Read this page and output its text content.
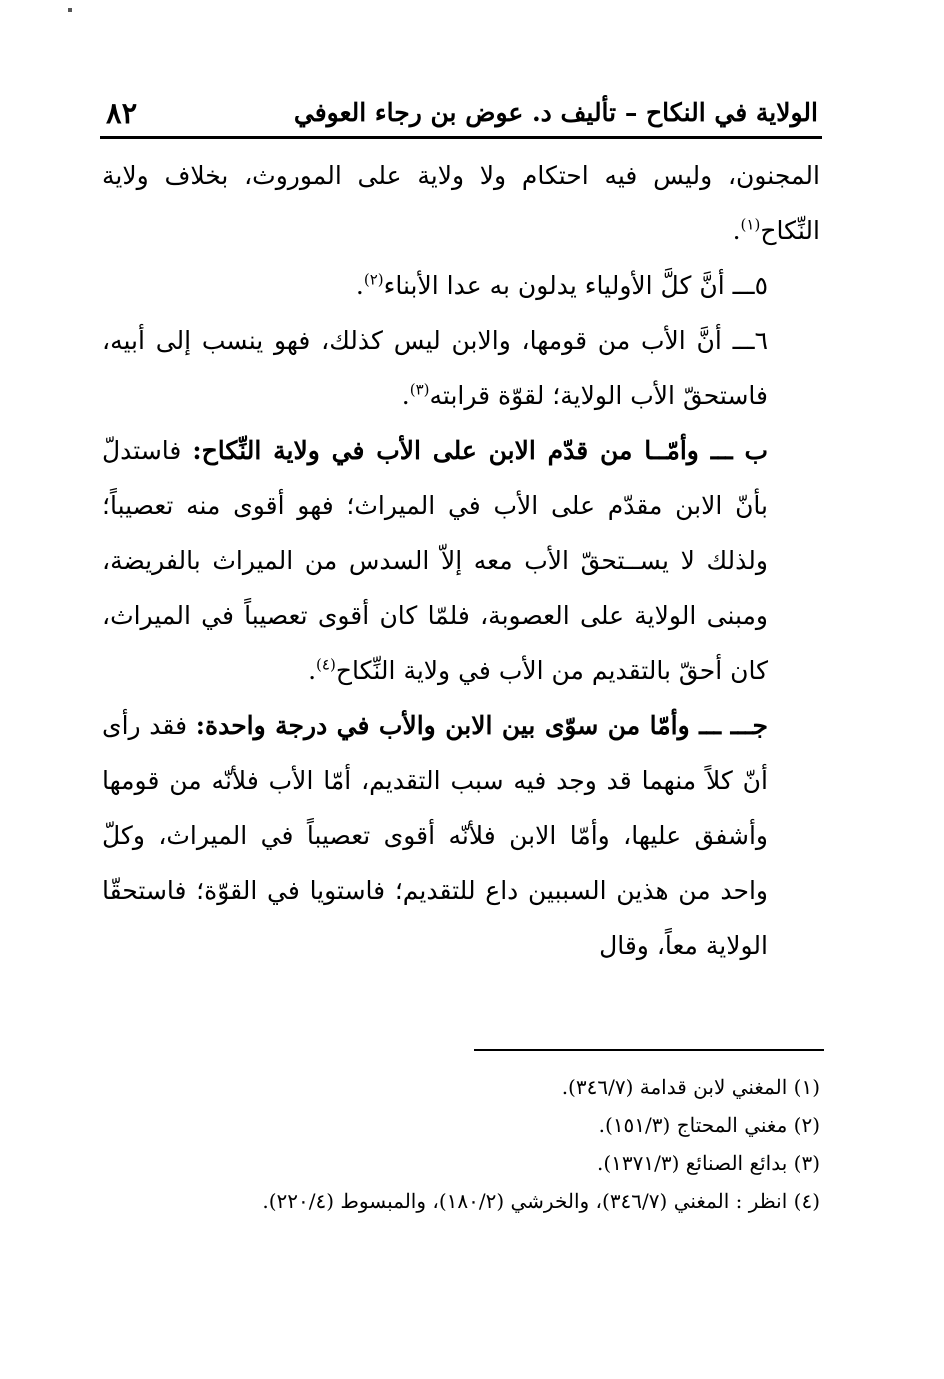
الولاية في النكاح – تأليف د. عوض بن رجاء العوفي
٨٢

المجنون، وليس فيه احتكام ولا ولاية على الموروث، بخلاف ولاية النِّكاح$^{(١)}$.

٥ـــ أنَّ كلَّ الأولياء يدلون به عدا الأبناء$^{(٢)}$.

٦ـــ أنَّ الأب من قومها، والابن ليس كذلك، فهو ينسب إلى أبيه، فاستحقّ الأب الولاية؛ لقوّة قرابته$^{(٣)}$.

ب ـــ وأمّــا من قدّم الابن على الأب في ولاية النِّكاح: فاستدلّ بأنّ الابن مقدّم على الأب في الميراث؛ فهو أقوى منه تعصيباً؛ ولذلك لا يســتحقّ الأب معه إلاّ السدس من الميراث بالفريضة، ومبنى الولاية على العصوبة، فلمّا كان أقوى تعصيباً في الميراث، كان أحقّ بالتقديم من الأب في ولاية النِّكاح$^{(٤)}$.

جـــ ـــ وأمّا من سوّى بين الابن والأب في درجة واحدة: فقد رأى أنّ كلاً منهما قد وجد فيه سبب التقديم، أمّا الأب فلأنّه من قومها وأشفق عليها، وأمّا الابن فلأنّه أقوى تعصيباً في الميراث، وكلّ واحد من هذين السببين داع للتقديم؛ فاستويا في القوّة؛ فاستحقّا الولاية معاً، وقال

(١) المغني لابن قدامة (٣٤٦/٧).

(٢) مغني المحتاج (١٥١/٣).

(٣) بدائع الصنائع (١٣٧١/٣).

(٤) انظر : المغني (٣٤٦/٧)، والخرشي (١٨٠/٢)، والمبسوط (٢٢٠/٤).
